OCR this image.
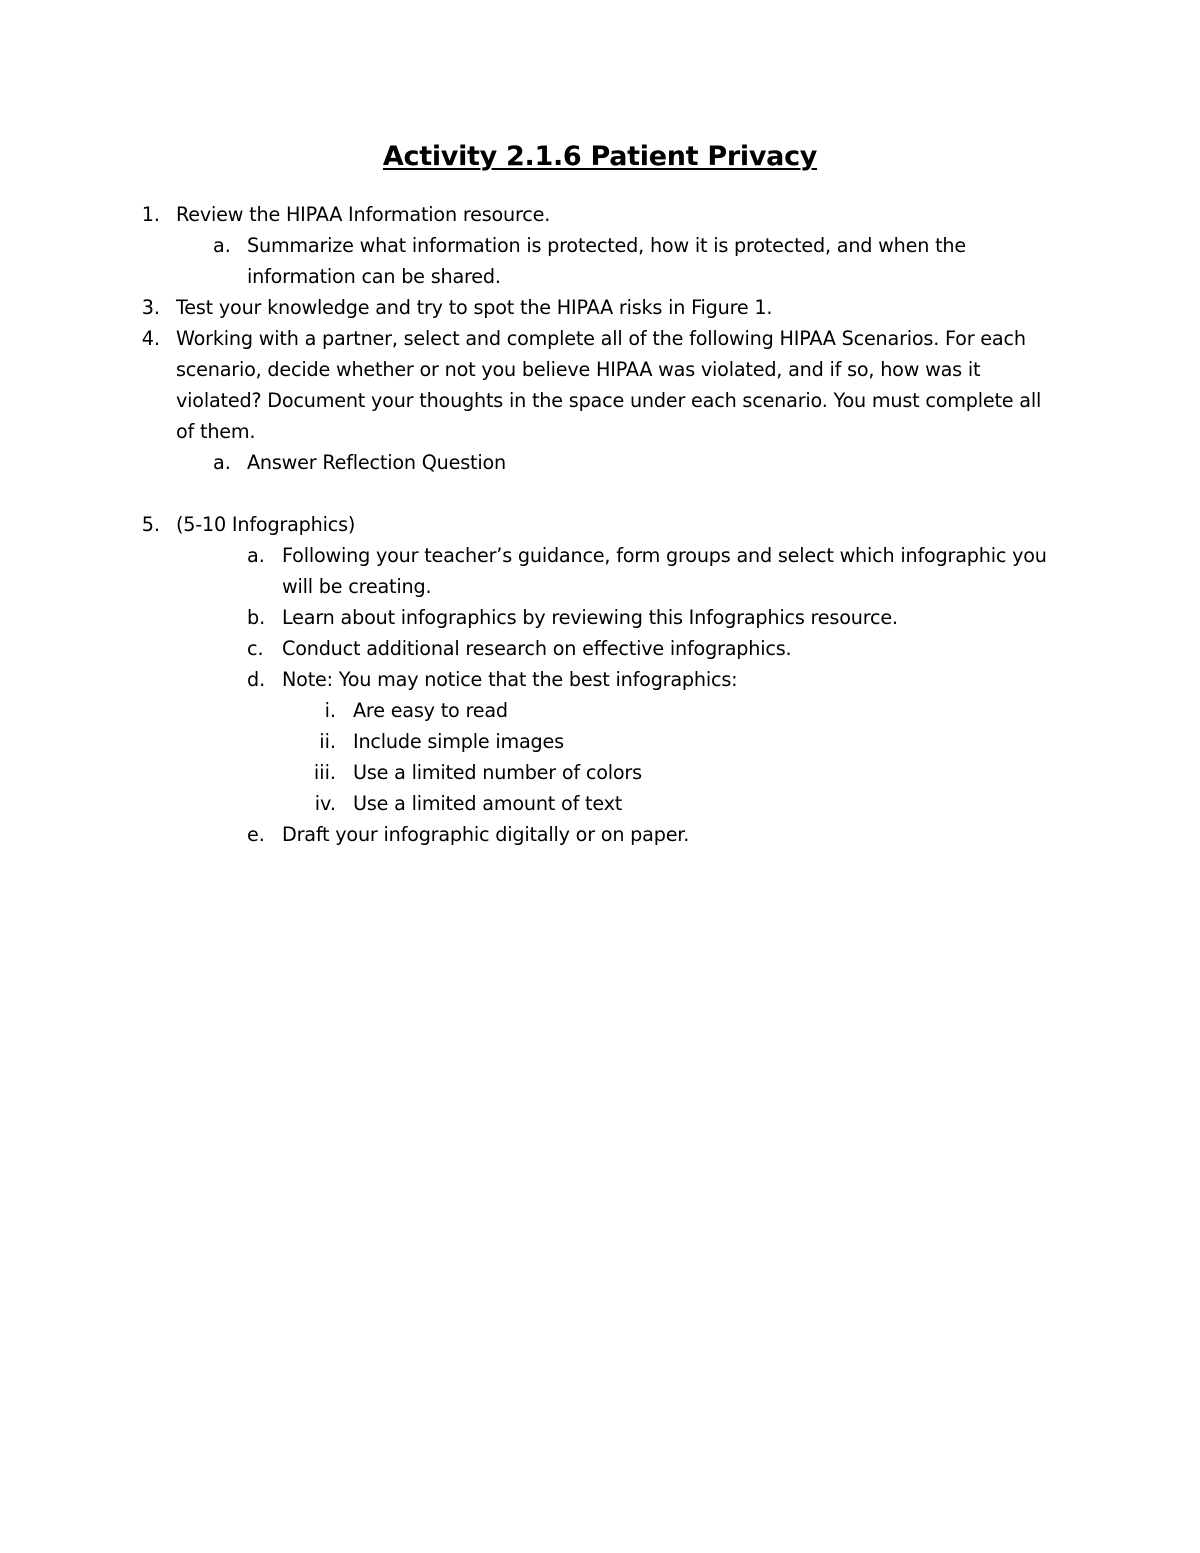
Activity 2.1.6 Patient Privacy
1. Review the HIPAA Information resource.
a. Summarize what information is protected, how it is protected, and when the
information can be shared.
3. Test your knowledge and try to spot the HIPAA risks in Figure 1.
4. Working with a partner, select and complete all of the following HIPAA Scenarios. For each
scenario, decide whether or not you believe HIPAA was violated, and if so, how was it
violated? Document your thoughts in the space under each scenario. You must complete all
of them.
a. Answer Reflection Question
5. (5-10 Infographics)
a. Following your teacher’s guidance, form groups and select which infographic you
will be creating.
b. Learn about infographics by reviewing this Infographics resource.
c. Conduct additional research on effective infographics.
d. Note: You may notice that the best infographics:
i. Are easy to read
ii. Include simple images
iii. Use a limited number of colors
iv. Use a limited amount of text
e. Draft your infographic digitally or on paper.
